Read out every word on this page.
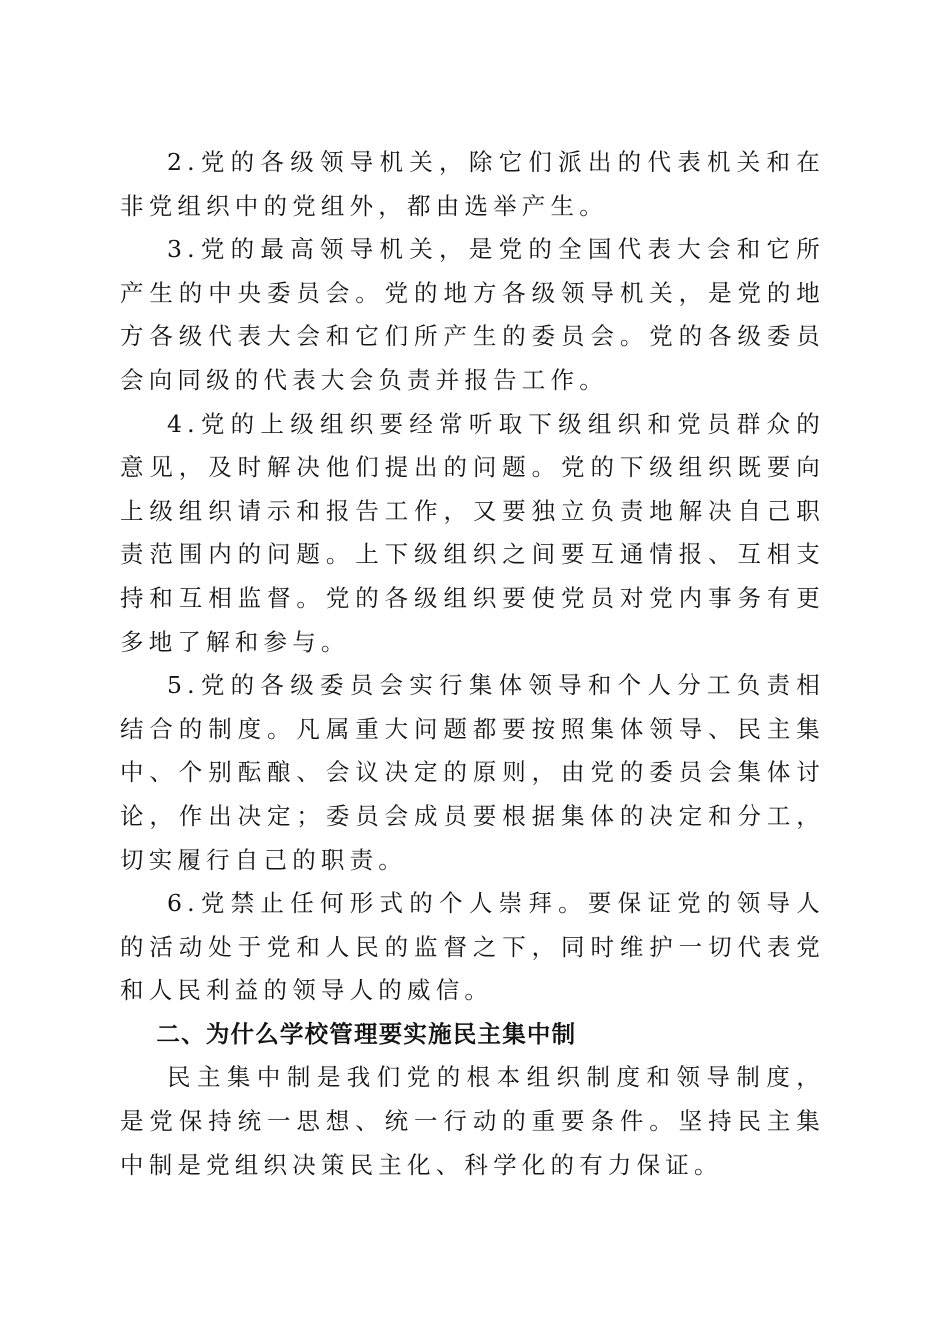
2.党的各级领导机关，除它们派出的代表机关和在非党组织中的党组外，都由选举产生。

3.党的最高领导机关，是党的全国代表大会和它所产生的中央委员会。党的地方各级领导机关，是党的地方各级代表大会和它们所产生的委员会。党的各级委员会向同级的代表大会负责并报告工作。

4.党的上级组织要经常听取下级组织和党员群众的意见，及时解决他们提出的问题。党的下级组织既要向上级组织请示和报告工作，又要独立负责地解决自己职责范围内的问题。上下级组织之间要互通情报、互相支持和互相监督。党的各级组织要使党员对党内事务有更多地了解和参与。

5.党的各级委员会实行集体领导和个人分工负责相结合的制度。凡属重大问题都要按照集体领导、民主集中、个别酝酿、会议决定的原则，由党的委员会集体讨论，作出决定；委员会成员要根据集体的决定和分工，切实履行自己的职责。

6.党禁止任何形式的个人崇拜。要保证党的领导人的活动处于党和人民的监督之下，同时维护一切代表党和人民利益的领导人的威信。

二、为什么学校管理要实施民主集中制

民主集中制是我们党的根本组织制度和领导制度，是党保持统一思想、统一行动的重要条件。坚持民主集中制是党组织决策民主化、科学化的有力保证。
